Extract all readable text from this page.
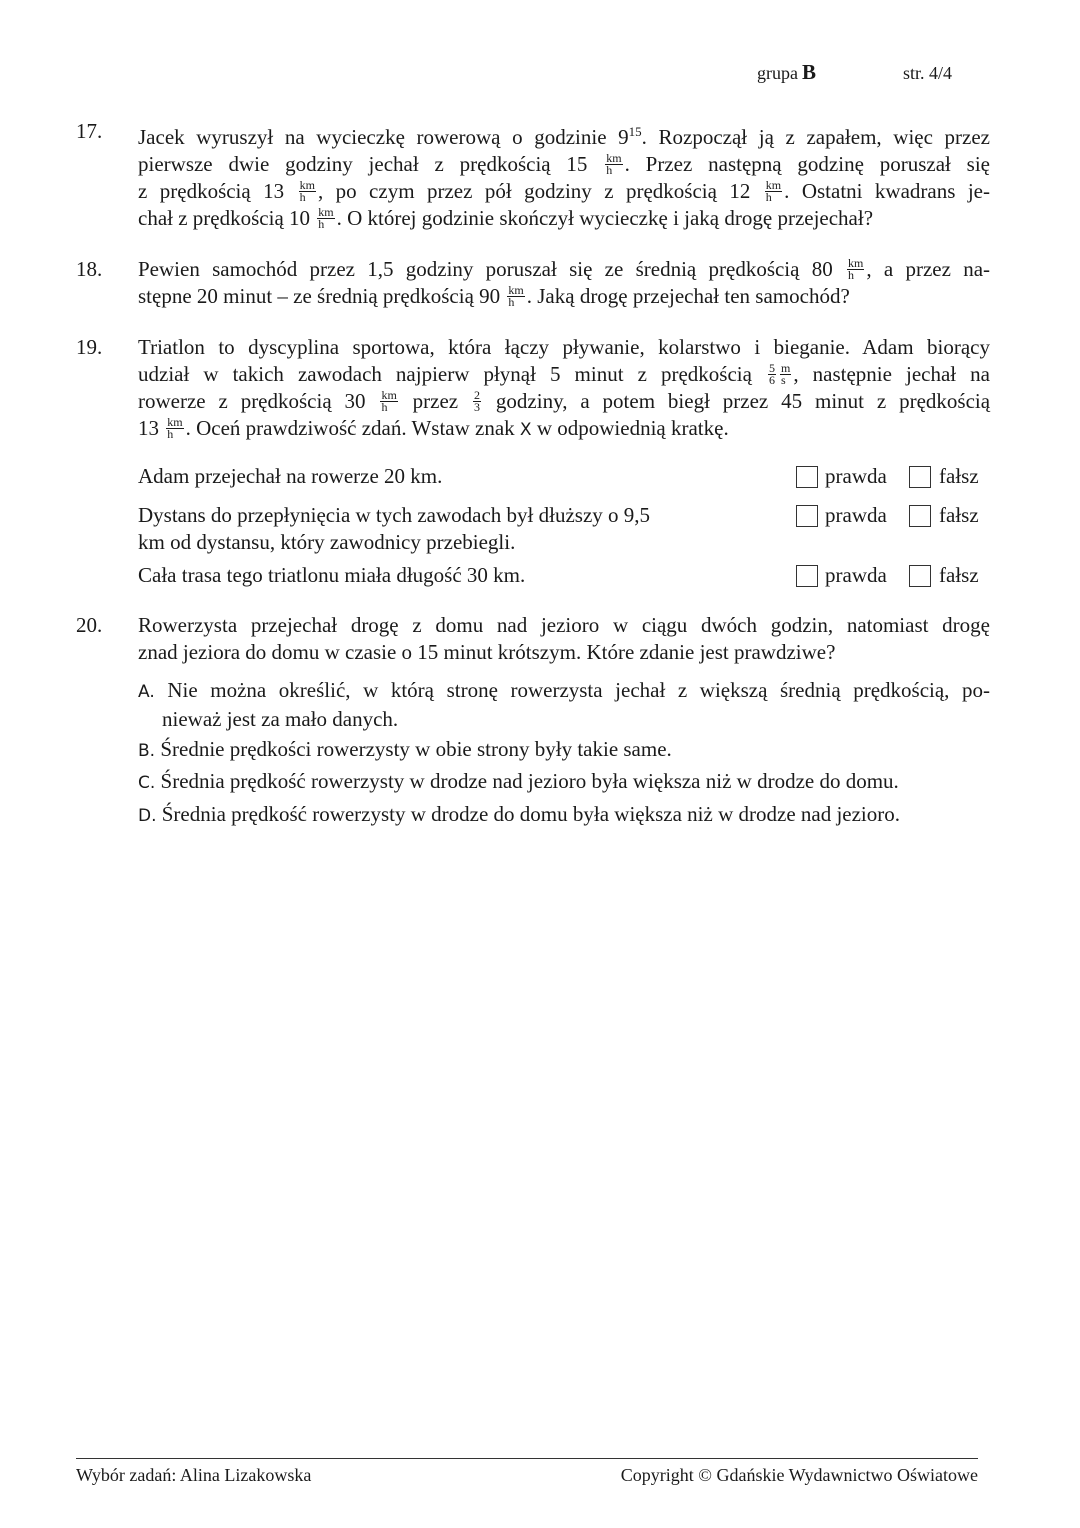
grupa B	str. 4/4
17. Jacek wyruszył na wycieczkę rowerową o godzinie $9^{15}$. Rozpoczął ją z zapałem, więc przez
pierwsze dwie godziny jechał z prędkością $15 \frac{km}{h}$ . Przez następną godzinę poruszał się
z prędkością $13 \frac{km}{h}$ , po czym przez pół godziny z prędkością $12 \frac{km}{h}$ . Ostatni kwadrans je-
chał z prędkością $10 \frac{km}{h}$ . O której godzinie skończył wycieczkę i jaką drogę przejechał?
18. Pewien samochód przez 1,5 godziny poruszał się ze średnią prędkością $80 \frac{km}{h}$ , a przez na-
stępne 20 minut – ze średnią prędkością $90 \frac{km}{h}$ . Jaką drogę przejechał ten samochód?
19. Triatlon to dyscyplina sportowa, która łączy pływanie, kolarstwo i bieganie. Adam biorący
udział w takich zawodach najpierw płynął 5 minut z prędkością $\frac{5}{6} \frac{m}{s}$ , następnie jechał na
rowerze z prędkością $30 \frac{km}{h}$ przez $\frac{2}{3}$ godziny, a potem biegł przez 45 minut z prędkością
$13 \frac{km}{h}$ . Oceń prawdziwość zdań. Wstaw znak X w odpowiednią kratkę.
Adam przejechał na rowerze 20 km.	prawda fałsz
Dystans do przepłynięcia w tych zawodach był dłuższy o 9,5 km od dystansu, który zawodnicy przebiegli.
prawda fałsz
Cała trasa tego triatlonu miała długość 30 km.	prawda fałsz
20. Rowerzysta przejechał drogę z domu nad jezioro w ciągu dwóch godzin, natomiast drogę
znad jeziora do domu w czasie o 15 minut krótszym. Które zdanie jest prawdziwe?
A. Nie można określić, w którą stronę rowerzysta jechał z większą średnią prędkością, po-
nieważ jest za mało danych.
B. Średnie prędkości rowerzysty w obie strony były takie same.
C. Średnia prędkość rowerzysty w drodze nad jezioro była większa niż w drodze do domu.
D. Średnia prędkość rowerzysty w drodze do domu była większa niż w drodze nad jezioro.
Wybór zadań: Alina Lizakowska	Copyright © Gdańskie Wydawnictwo Oświatowe
